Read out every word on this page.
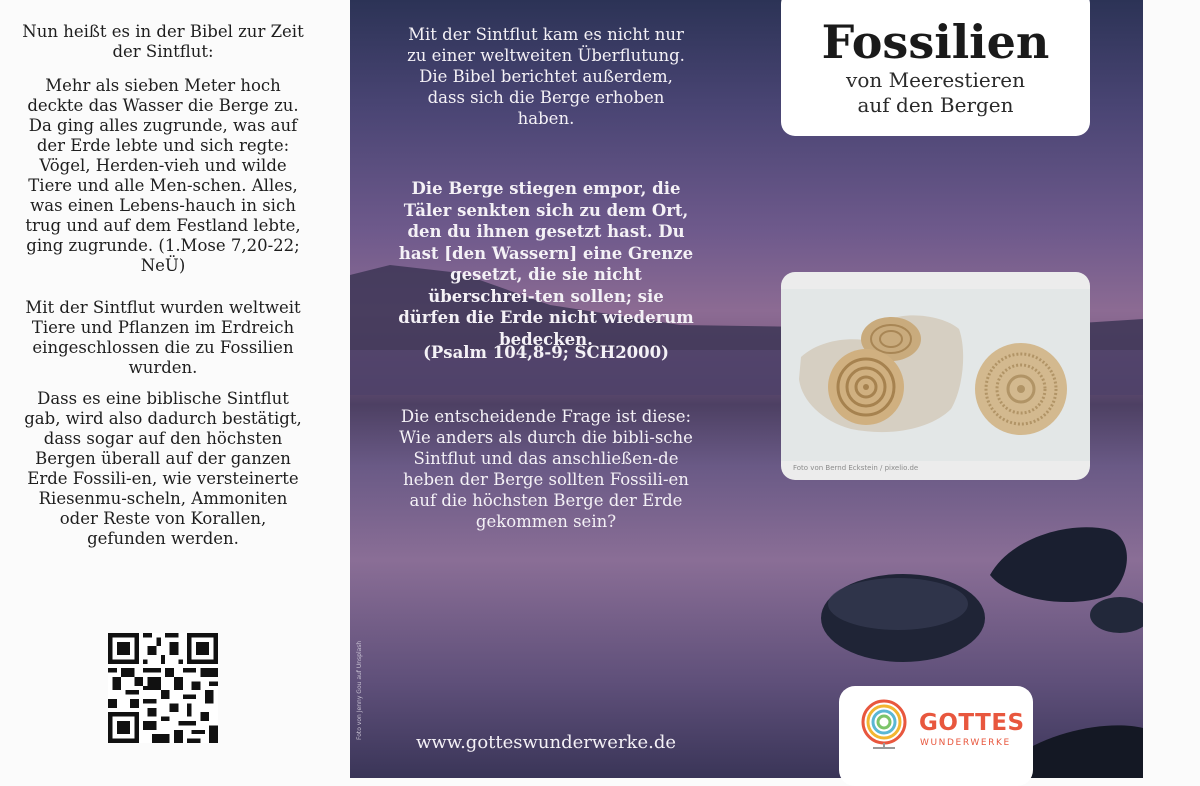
Nun heißt es in der Bibel zur Zeit der Sintflut:
Mehr als sieben Meter hoch deckte das Wasser die Berge zu. Da ging alles zugrunde, was auf der Erde lebte und sich regte: Vögel, Herden-vieh und wilde Tiere und alle Men-schen. Alles, was einen Lebens-hauch in sich trug und auf dem Festland lebte, ging zugrunde. (1.Mose 7,20-22; NeÜ)
Mit der Sintflut wurden weltweit Tiere und Pflanzen im Erdreich eingeschlossen die zu Fossilien wurden.
Dass es eine biblische Sintflut gab, wird also dadurch bestätigt, dass sogar auf den höchsten Bergen überall auf der ganzen Erde Fossili-en, wie versteinerte Riesenmu-scheln, Ammoniten oder Reste von Korallen, gefunden werden.
Mit der Sintflut kam es nicht nur zu einer weltweiten Überflutung. Die Bibel berichtet außerdem, dass sich die Berge erhoben haben.
Die Berge stiegen empor, die Täler senkten sich zu dem Ort, den du ihnen gesetzt hast. Du hast [den Wassern] eine Grenze gesetzt, die sie nicht überschrei-ten sollen; sie dürfen die Erde nicht wiederum bedecken.
(Psalm 104,8-9; SCH2000)
Die entscheidende Frage ist diese: Wie anders als durch die bibli-sche Sintflut und das anschließen-de heben der Berge sollten Fossili-en auf die höchsten Berge der Erde gekommen sein?
www.gotteswunderwerke.de
Foto von Jenny Gou auf Unsplash
Fossilien
von Meerestieren
auf den Bergen
Foto von Bernd Eckstein / pixelio.de
GOTTES
WUNDERWERKE
